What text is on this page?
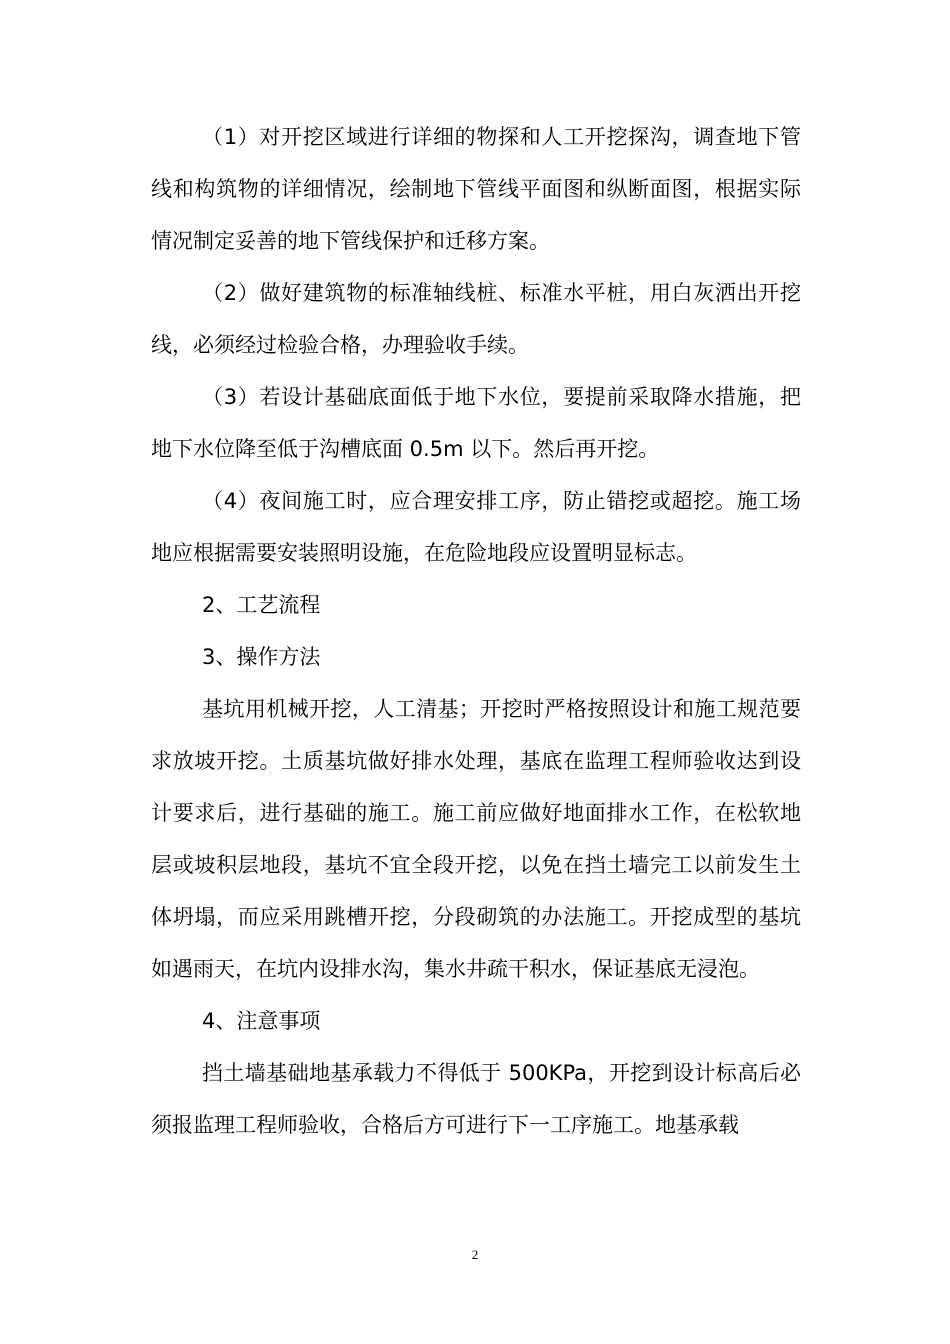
（1）对开挖区域进行详细的物探和人工开挖探沟，调查地下管线和构筑物的详细情况，绘制地下管线平面图和纵断面图，根据实际情况制定妥善的地下管线保护和迁移方案。

（2）做好建筑物的标准轴线桩、标准水平桩，用白灰洒出开挖线，必须经过检验合格，办理验收手续。

（3）若设计基础底面低于地下水位，要提前采取降水措施，把地下水位降至低于沟槽底面 0.5m 以下。然后再开挖。

（4）夜间施工时，应合理安排工序，防止错挖或超挖。施工场地应根据需要安装照明设施，在危险地段应设置明显标志。

2、工艺流程

3、操作方法

基坑用机械开挖，人工清基；开挖时严格按照设计和施工规范要求放坡开挖。土质基坑做好排水处理，基底在监理工程师验收达到设计要求后，进行基础的施工。施工前应做好地面排水工作，在松软地层或坡积层地段，基坑不宜全段开挖，以免在挡土墙完工以前发生土体坍塌，而应采用跳槽开挖，分段砌筑的办法施工。开挖成型的基坑如遇雨天，在坑内设排水沟，集水井疏干积水，保证基底无浸泡。

4、注意事项

挡土墙基础地基承载力不得低于 500KPa，开挖到设计标高后必须报监理工程师验收，合格后方可进行下一工序施工。地基承载

2
